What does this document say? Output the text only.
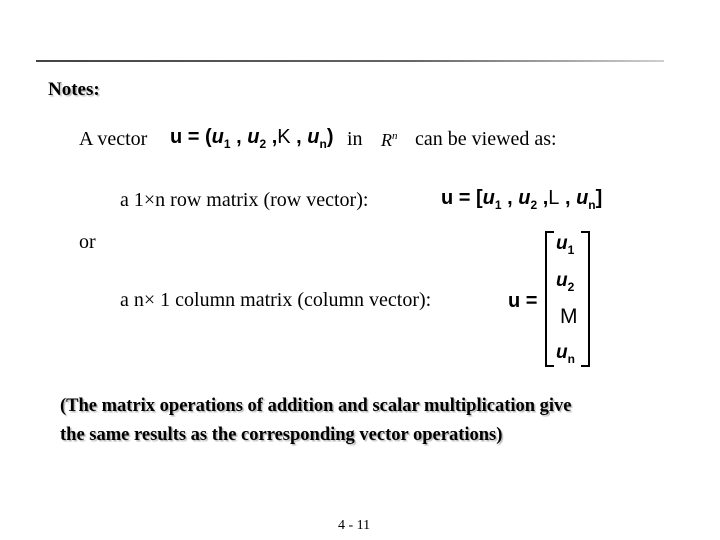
Notes:
A vector $u = (u_1$ , $u_2$ ,K , $u_n$) in $R^n$ can be viewed as:
a 1×n row matrix (row vector):	$u = [u_1$ , $u_2$ ,L , $u_n$]
or
a n× 1 column matrix (column vector):	u =
$u_1$
$u_2$
M
$u_n$
(The matrix operations of addition and scalar multiplication give
the same results as the corresponding vector operations)
4 - 11
